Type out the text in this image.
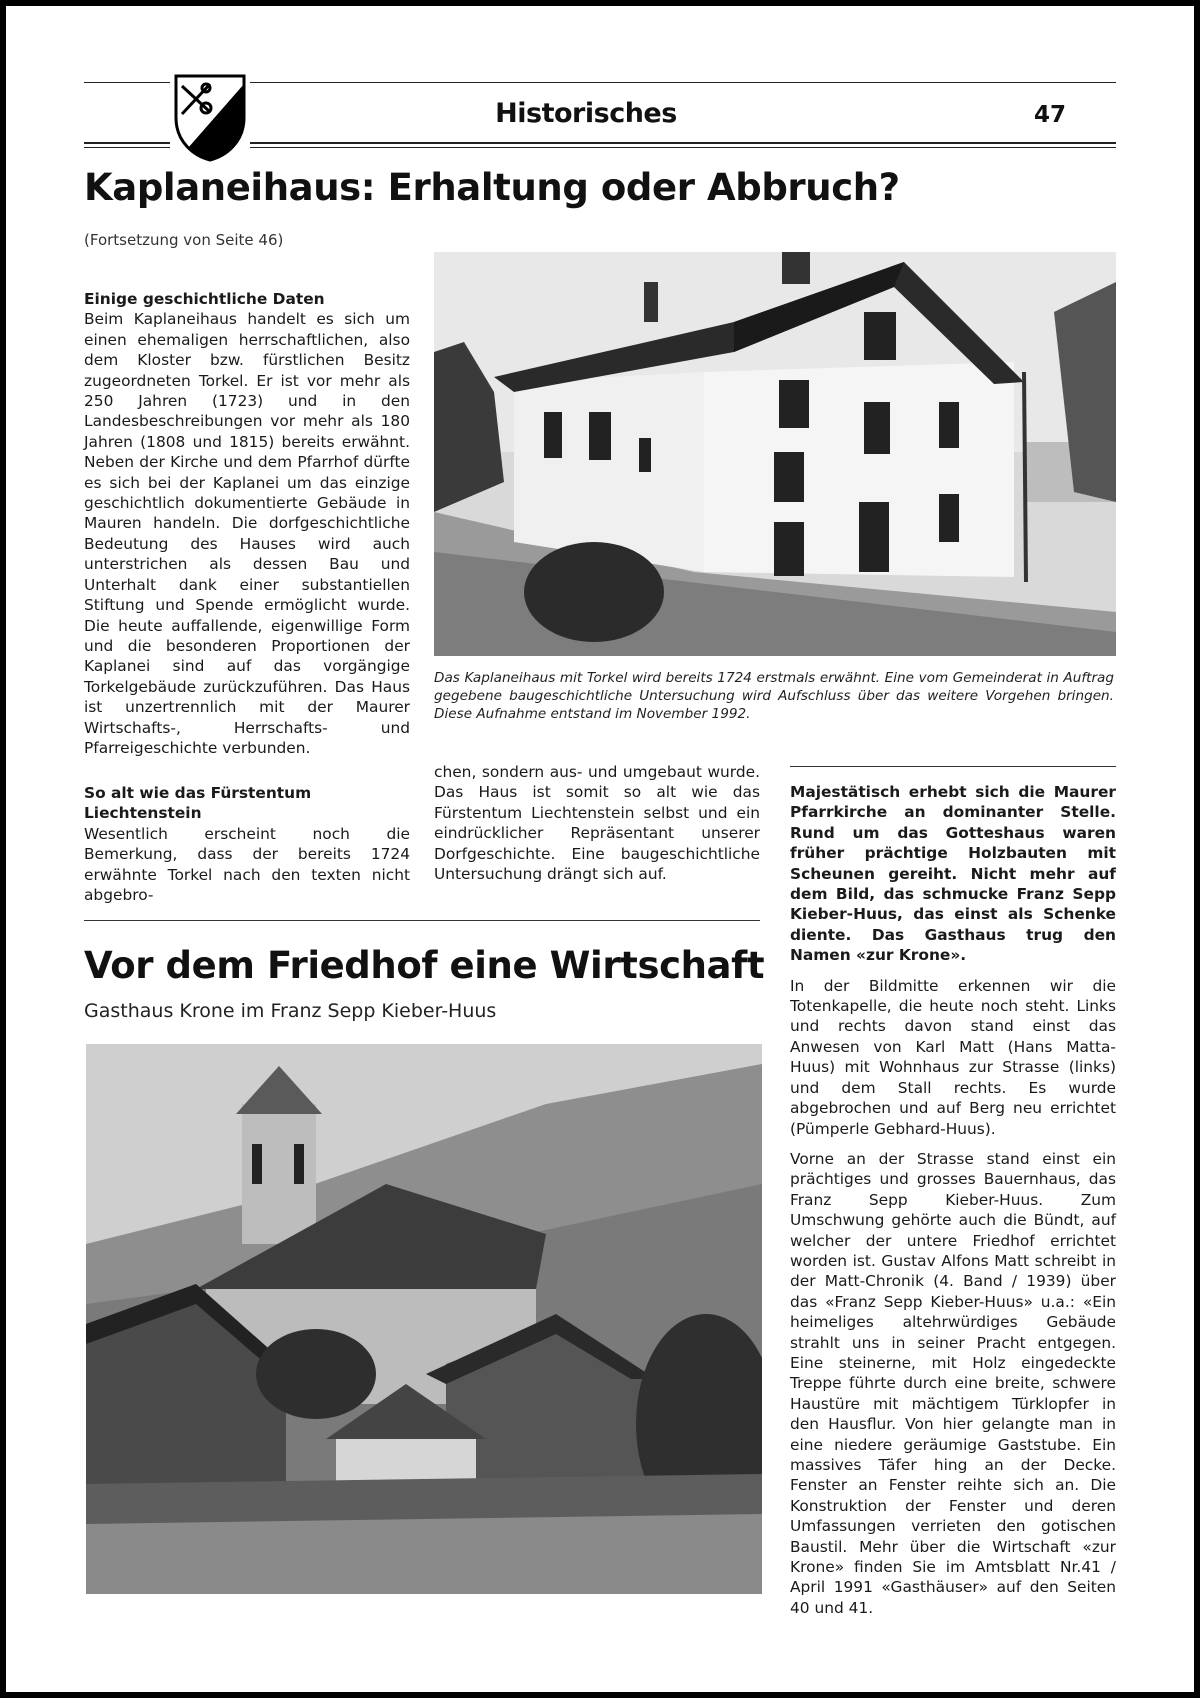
Historisches	47
Kaplaneihaus: Erhaltung oder Abbruch?
(Fortsetzung von Seite 46)
Einige geschichtliche Daten

Beim Kaplaneihaus handelt es sich um einen ehemaligen herrschaftlichen, also dem Kloster bzw. fürstlichen Besitz zugeordneten Torkel. Er ist vor mehr als 250 Jahren (1723) und in den Landesbeschreibungen vor mehr als 180 Jahren (1808 und 1815) bereits erwähnt. Neben der Kirche und dem Pfarrhof dürfte es sich bei der Kaplanei um das einzige geschichtlich dokumentierte Gebäude in Mauren handeln. Die dorfgeschichtliche Bedeutung des Hauses wird auch unterstrichen als dessen Bau und Unterhalt dank einer substantiellen Stiftung und Spende ermöglicht wurde. Die heute auffallende, eigenwillige Form und die besonderen Proportionen der Kaplanei sind auf das vorgängige Torkelgebäude zurückzuführen. Das Haus ist unzertrennlich mit der Maurer Wirtschafts-, Herrschafts- und Pfarreigeschichte verbunden.

So alt wie das Fürstentum Liechtenstein

Wesentlich erscheint noch die Bemerkung, dass der bereits 1724 erwähnte Torkel nach den texten nicht abgebro-

chen, sondern aus- und umgebaut wurde. Das Haus ist somit so alt wie das Fürstentum Liechtenstein selbst und ein eindrücklicher Repräsentant unserer Dorfgeschichte. Eine baugeschichtliche Untersuchung drängt sich auf.

Das Kaplaneihaus mit Torkel wird bereits 1724 erstmals erwähnt. Eine vom Gemeinderat in Auftrag gegebene baugeschichtliche Untersuchung wird Aufschluss über das weitere Vorgehen bringen. Diese Aufnahme entstand im November 1992.
Vor dem Friedhof eine Wirtschaft
Gasthaus Krone im Franz Sepp Kieber-Huus

Majestätisch erhebt sich die Maurer Pfarrkirche an dominanter Stelle. Rund um das Gotteshaus waren früher prächtige Holzbauten mit Scheunen gereiht. Nicht mehr auf dem Bild, das schmucke Franz Sepp Kieber-Huus, das einst als Schenke diente. Das Gasthaus trug den Namen «zur Krone».

In der Bildmitte erkennen wir die Totenkapelle, die heute noch steht. Links und rechts davon stand einst das Anwesen von Karl Matt (Hans Matta-Huus) mit Wohnhaus zur Strasse (links) und dem Stall rechts. Es wurde abgebrochen und auf Berg neu errichtet (Pümperle Gebhard-Huus).

Vorne an der Strasse stand einst ein prächtiges und grosses Bauernhaus, das Franz Sepp Kieber-Huus. Zum Umschwung gehörte auch die Bündt, auf welcher der untere Friedhof errichtet worden ist. Gustav Alfons Matt schreibt in der Matt-Chronik (4. Band / 1939) über das «Franz Sepp Kieber-Huus» u.a.: «Ein heimeliges altehrwürdiges Gebäude strahlt uns in seiner Pracht entgegen. Eine steinerne, mit Holz eingedeckte Treppe führte durch eine breite, schwere Haustüre mit mächtigem Türklopfer in den Hausflur. Von hier gelangte man in eine niedere geräumige Gaststube. Ein massives Täfer hing an der Decke. Fenster an Fenster reihte sich an. Die Konstruktion der Fenster und deren Umfassungen verrieten den gotischen Baustil. Mehr über die Wirtschaft «zur Krone» finden Sie im Amtsblatt Nr.41 / April 1991 «Gasthäuser» auf den Seiten 40 und 41.
